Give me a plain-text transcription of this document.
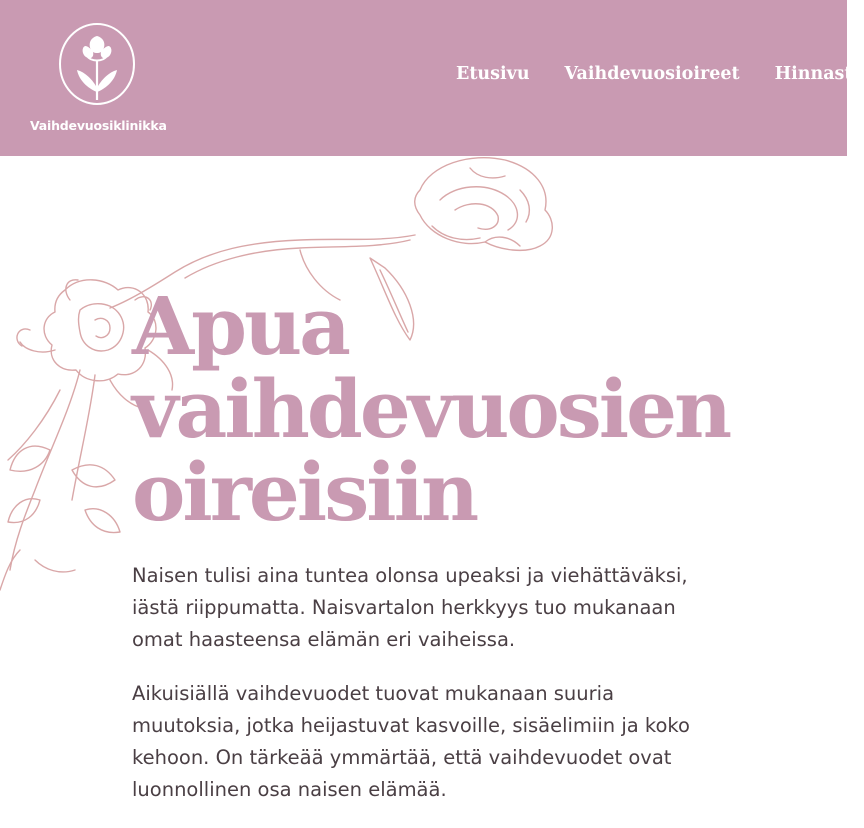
Vaihdevuosiklinikka
Etusivu Vaihdevuosioireet Hinnasto
Apua
vaihdevuosien
oireisiin

Naisen tulisi aina tuntea olonsa upeaksi ja viehättäväksi,
iästä riippumatta. Naisvartalon herkkyys tuo mukanaan
omat haasteensa elämän eri vaiheissa.

Aikuisiällä vaihdevuodet tuovat mukanaan suuria
muutoksia, jotka heijastuvat kasvoille, sisäelimiin ja koko
kehoon. On tärkeää ymmärtää, että vaihdevuodet ovat
luonnollinen osa naisen elämää.
